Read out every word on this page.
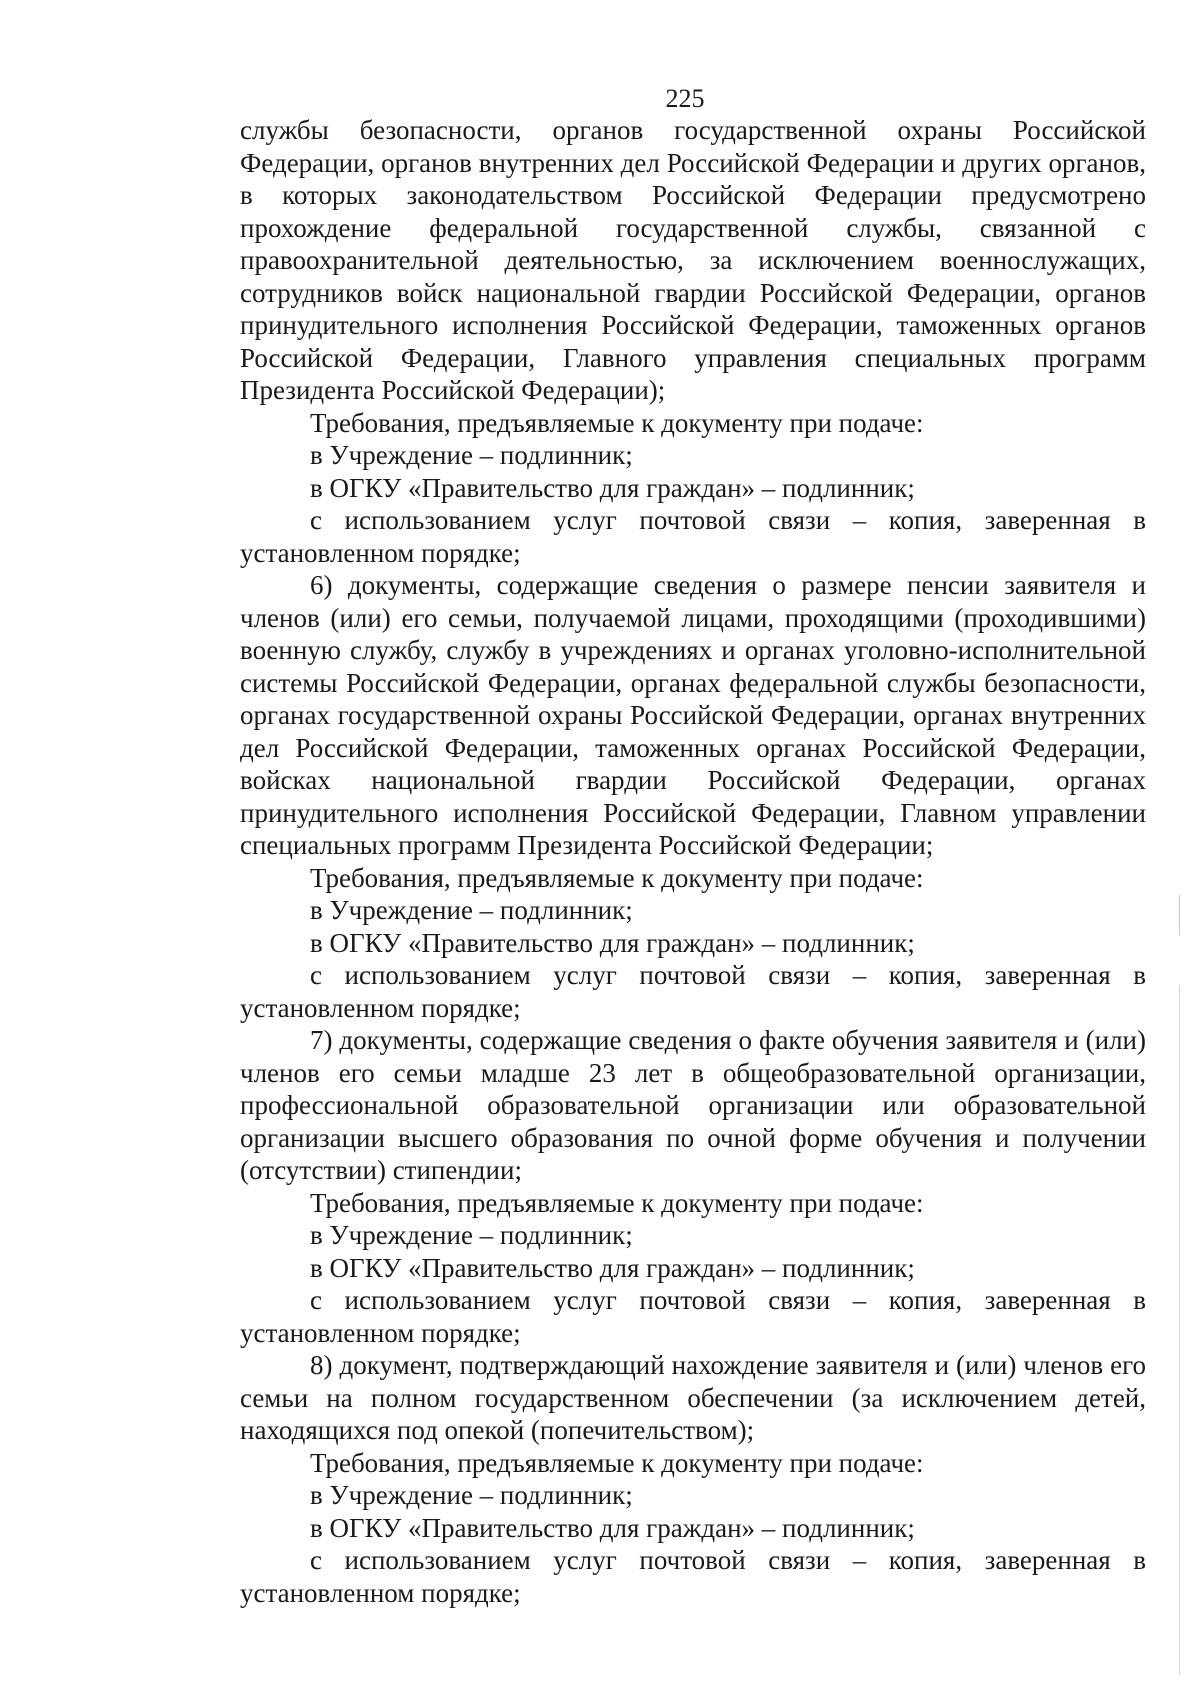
225

службы безопасности, органов государственной охраны Российской Федерации, органов внутренних дел Российской Федерации и других органов, в которых законодательством Российской Федерации предусмотрено прохождение федеральной государственной службы, связанной с правоохранительной деятельностью, за исключением военнослужащих, сотрудников войск национальной гвардии Российской Федерации, органов принудительного исполнения Российской Федерации, таможенных органов Российской Федерации, Главного управления специальных программ Президента Российской Федерации);

Требования, предъявляемые к документу при подаче:

в Учреждение – подлинник;

в ОГКУ «Правительство для граждан» – подлинник;

с использованием услуг почтовой связи – копия, заверенная в установленном порядке;

6) документы, содержащие сведения о размере пенсии заявителя и членов (или) его семьи, получаемой лицами, проходящими (проходившими) военную службу, службу в учреждениях и органах уголовно-исполнительной системы Российской Федерации, органах федеральной службы безопасности, органах государственной охраны Российской Федерации, органах внутренних дел Российской Федерации, таможенных органах Российской Федерации, войсках национальной гвардии Российской Федерации, органах принудительного исполнения Российской Федерации, Главном управлении специальных программ Президента Российской Федерации;

Требования, предъявляемые к документу при подаче:

в Учреждение – подлинник;

в ОГКУ «Правительство для граждан» – подлинник;

с использованием услуг почтовой связи – копия, заверенная в установленном порядке;

7) документы, содержащие сведения о факте обучения заявителя и (или) членов его семьи младше 23 лет в общеобразовательной организации, профессиональной образовательной организации или образовательной организации высшего образования по очной форме обучения и получении (отсутствии) стипендии;

Требования, предъявляемые к документу при подаче:

в Учреждение – подлинник;

в ОГКУ «Правительство для граждан» – подлинник;

с использованием услуг почтовой связи – копия, заверенная в установленном порядке;

8) документ, подтверждающий нахождение заявителя и (или) членов его семьи на полном государственном обеспечении (за исключением детей, находящихся под опекой (попечительством);

Требования, предъявляемые к документу при подаче:

в Учреждение – подлинник;

в ОГКУ «Правительство для граждан» – подлинник;

с использованием услуг почтовой связи – копия, заверенная в установленном порядке;
